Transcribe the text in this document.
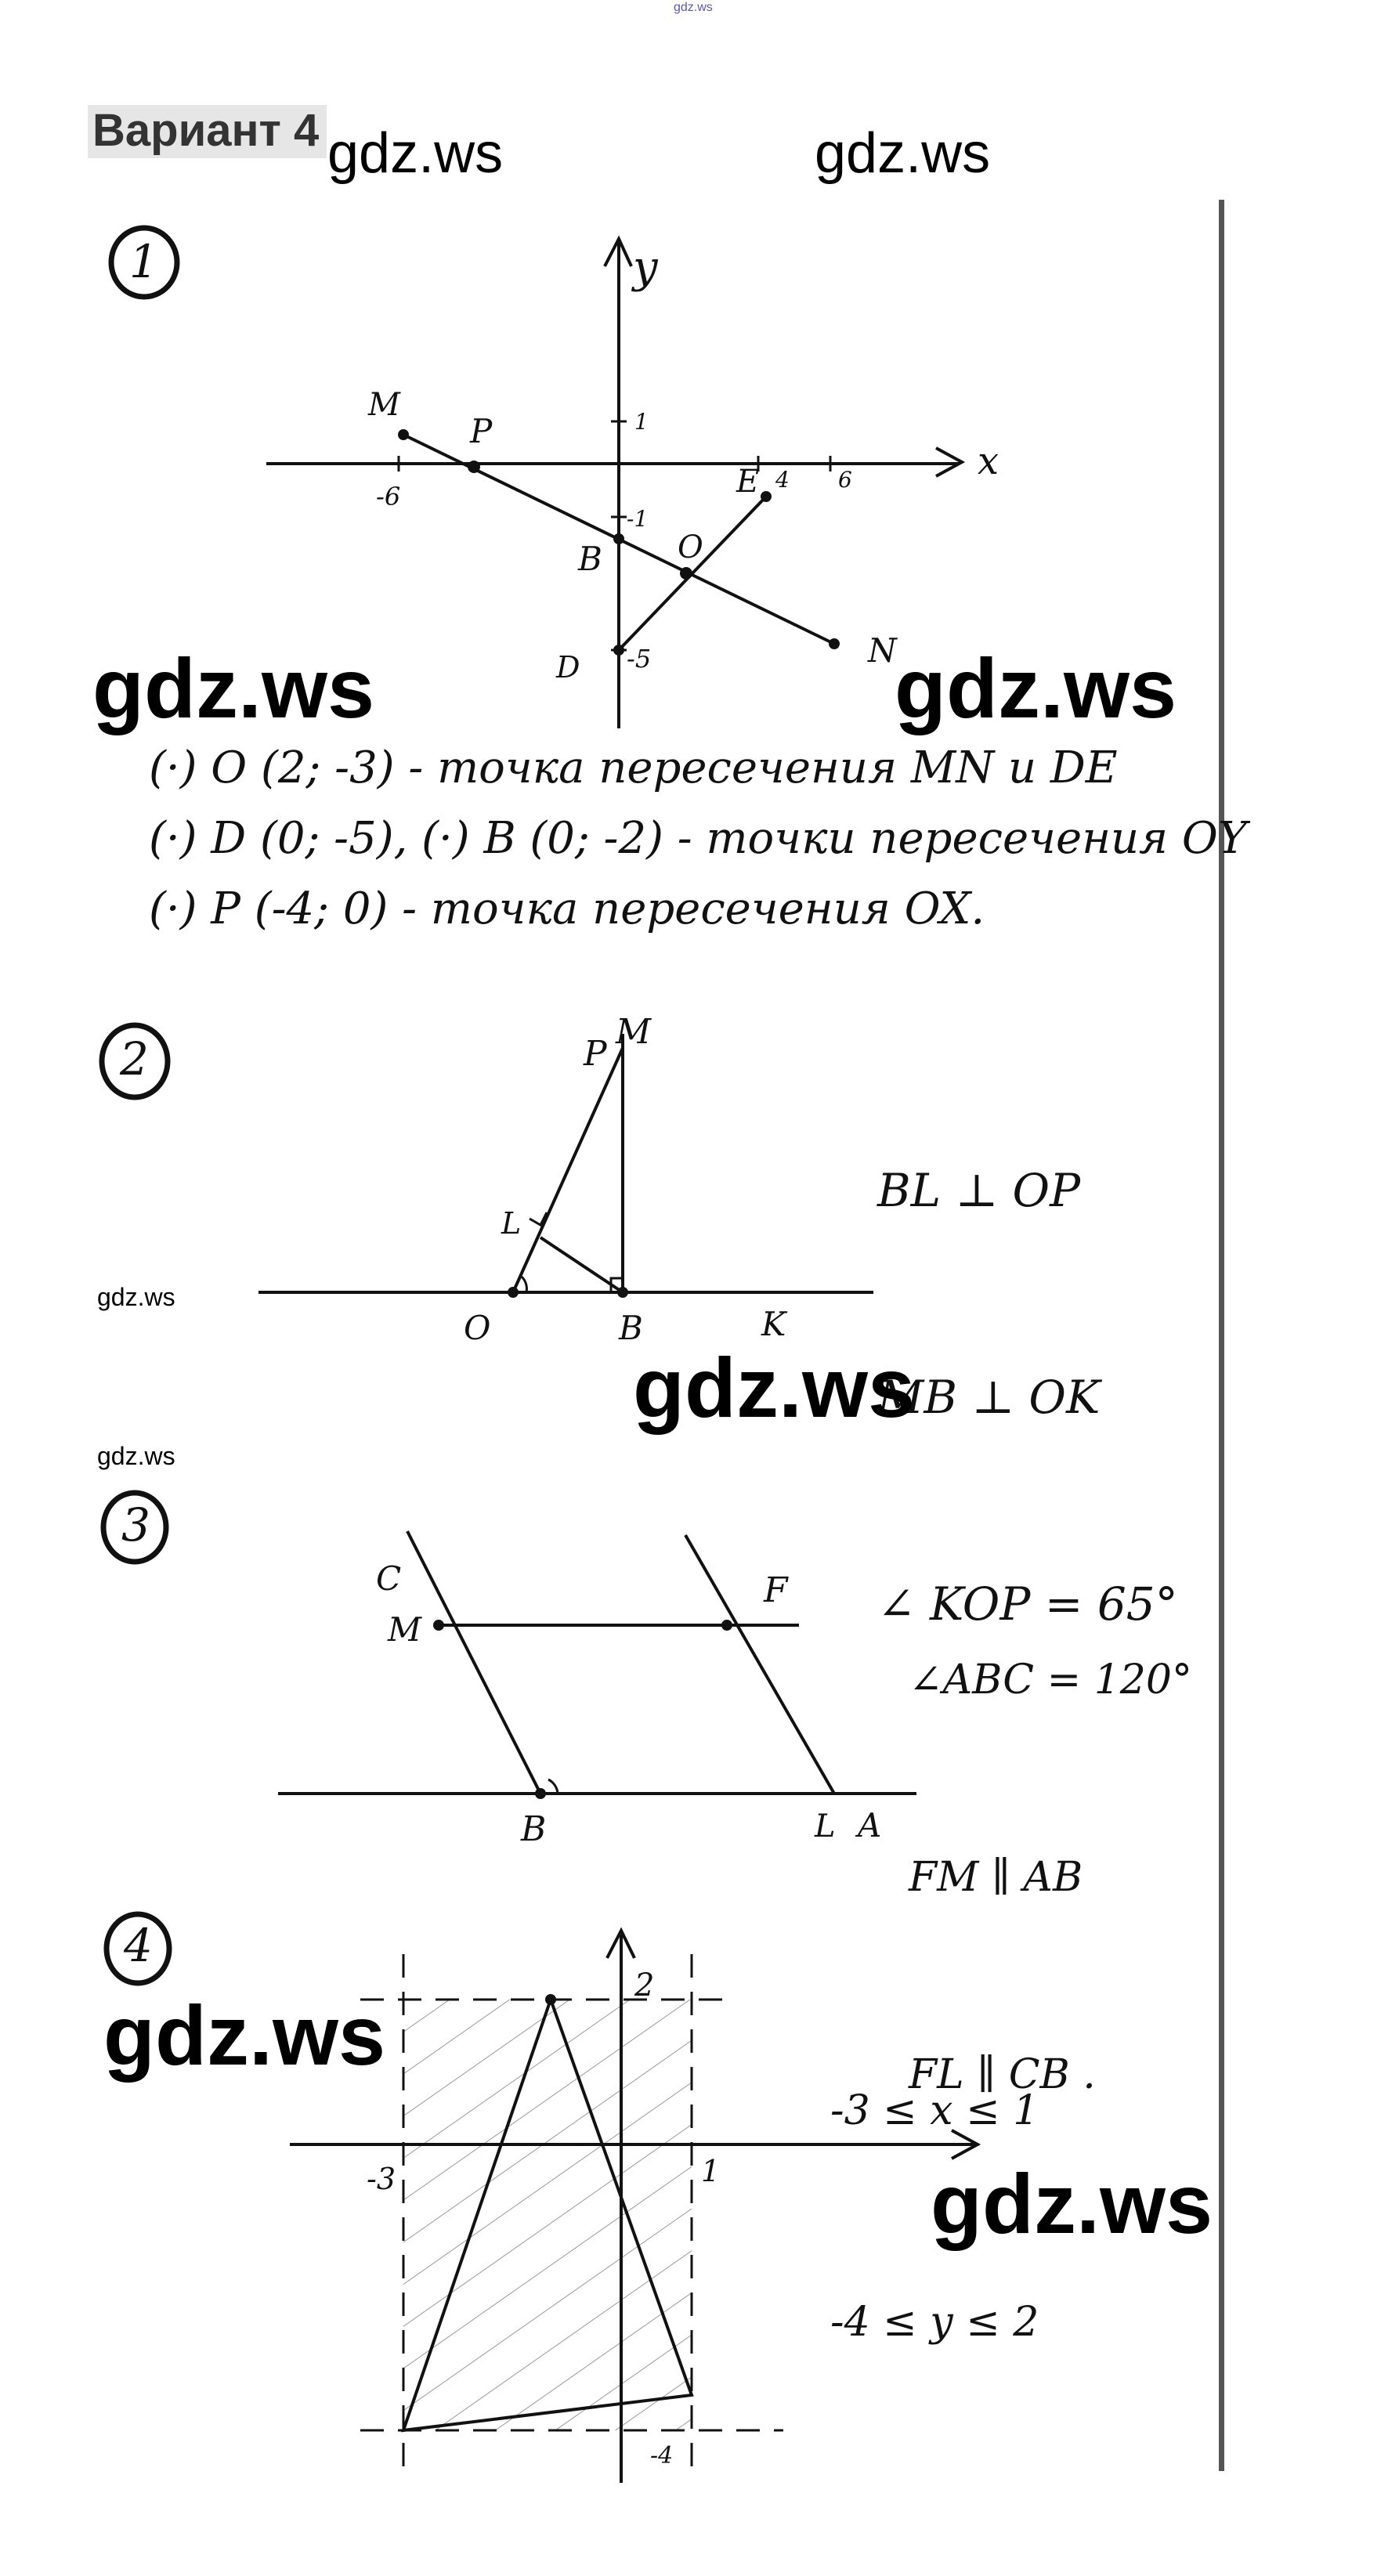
gdz.ws
Вариант 4 gdz.ws	gdz.ws
y
x
1
-6
4 6
-1
-5
M
P
E
O
B
D	N
P
M
L
O	B	K
C
M
F
B	L A
2
-3	1
-4
(·) O (2; -3) - точка пересечения MN и DE
(·) D (0; -5), (·) B (0; -2) - точки пересечения OY
(·) P (-4; 0) - точка пересечения OX.
1
2
3
4

BL ⊥ OP

MB ⊥ OK

∠ KOP = 65°

∠ABC = 120°

FM ∥ AB

FL ∥ CB .

-3 ≤ x ≤ 1

-4 ≤ y ≤ 2

gdz.ws	gdz.ws
gdz.ws
gdz.ws
gdz.ws
gdz.ws
gdz.ws
